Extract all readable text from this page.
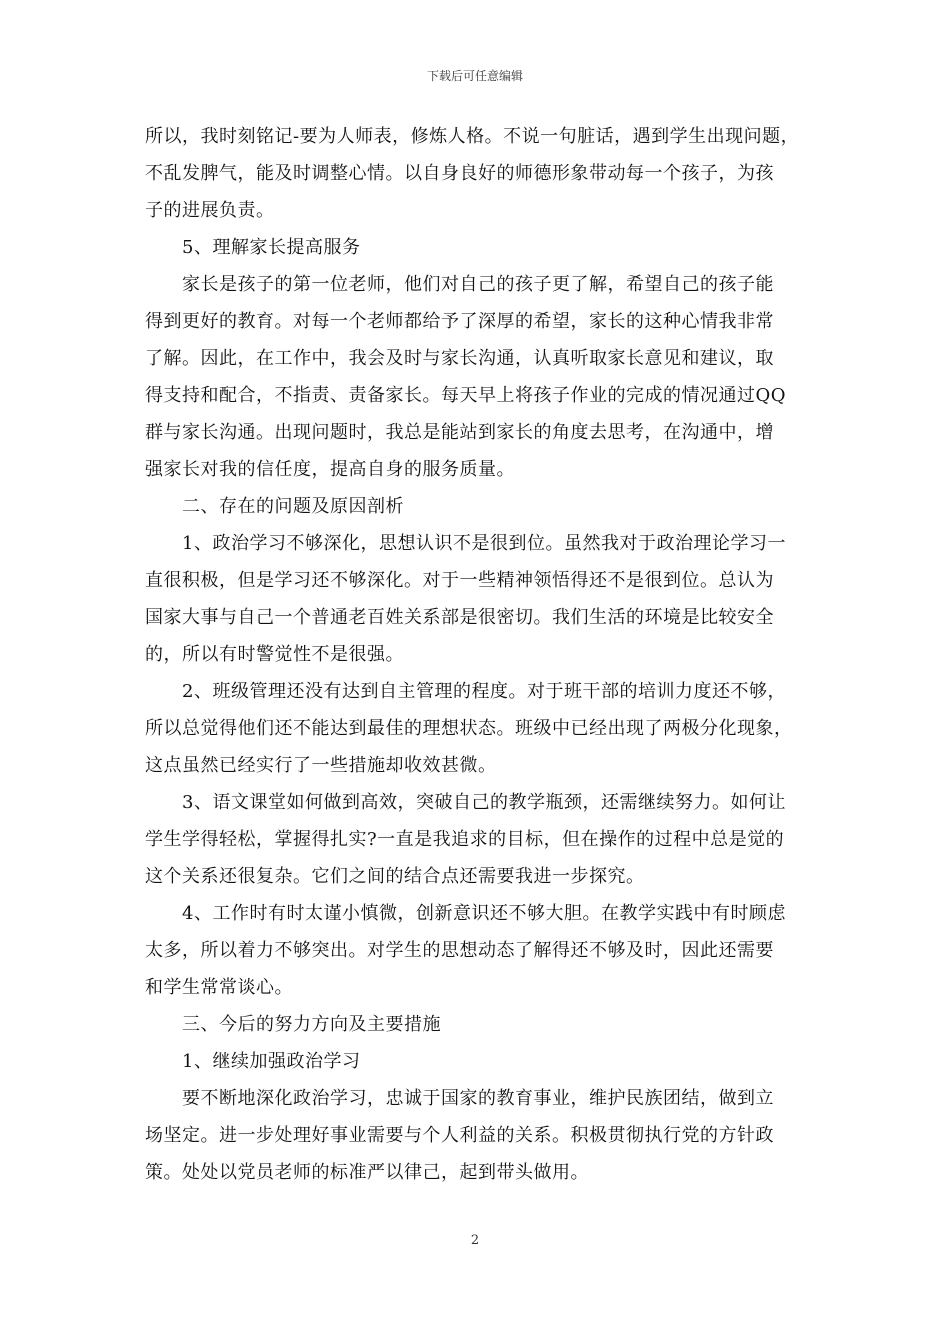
下载后可任意编辑

所以，我时刻铭记-要为人师表，修炼人格。不说一句脏话，遇到学生出现问题，

不乱发脾气，能及时调整心情。以自身良好的师德形象带动每一个孩子，为孩

子的进展负责。

5、理解家长提高服务

家长是孩子的第一位老师，他们对自己的孩子更了解，希望自己的孩子能

得到更好的教育。对每一个老师都给予了深厚的希望，家长的这种心情我非常

了解。因此，在工作中，我会及时与家长沟通，认真听取家长意见和建议，取

得支持和配合，不指责、责备家长。每天早上将孩子作业的完成的情况通过QQ

群与家长沟通。出现问题时，我总是能站到家长的角度去思考，在沟通中，增

强家长对我的信任度，提高自身的服务质量。

二、存在的问题及原因剖析

1、政治学习不够深化，思想认识不是很到位。虽然我对于政治理论学习一

直很积极，但是学习还不够深化。对于一些精神领悟得还不是很到位。总认为

国家大事与自己一个普通老百姓关系部是很密切。我们生活的环境是比较安全

的，所以有时警觉性不是很强。

2、班级管理还没有达到自主管理的程度。对于班干部的培训力度还不够，

所以总觉得他们还不能达到最佳的理想状态。班级中已经出现了两极分化现象，

这点虽然已经实行了一些措施却收效甚微。

3、语文课堂如何做到高效，突破自己的教学瓶颈，还需继续努力。如何让

学生学得轻松，掌握得扎实?一直是我追求的目标，但在操作的过程中总是觉的

这个关系还很复杂。它们之间的结合点还需要我进一步探究。

4、工作时有时太谨小慎微，创新意识还不够大胆。在教学实践中有时顾虑

太多，所以着力不够突出。对学生的思想动态了解得还不够及时，因此还需要

和学生常常谈心。

三、今后的努力方向及主要措施

1、继续加强政治学习

要不断地深化政治学习，忠诚于国家的教育事业，维护民族团结，做到立

场坚定。进一步处理好事业需要与个人利益的关系。积极贯彻执行党的方针政

策。处处以党员老师的标准严以律己，起到带头做用。

2
